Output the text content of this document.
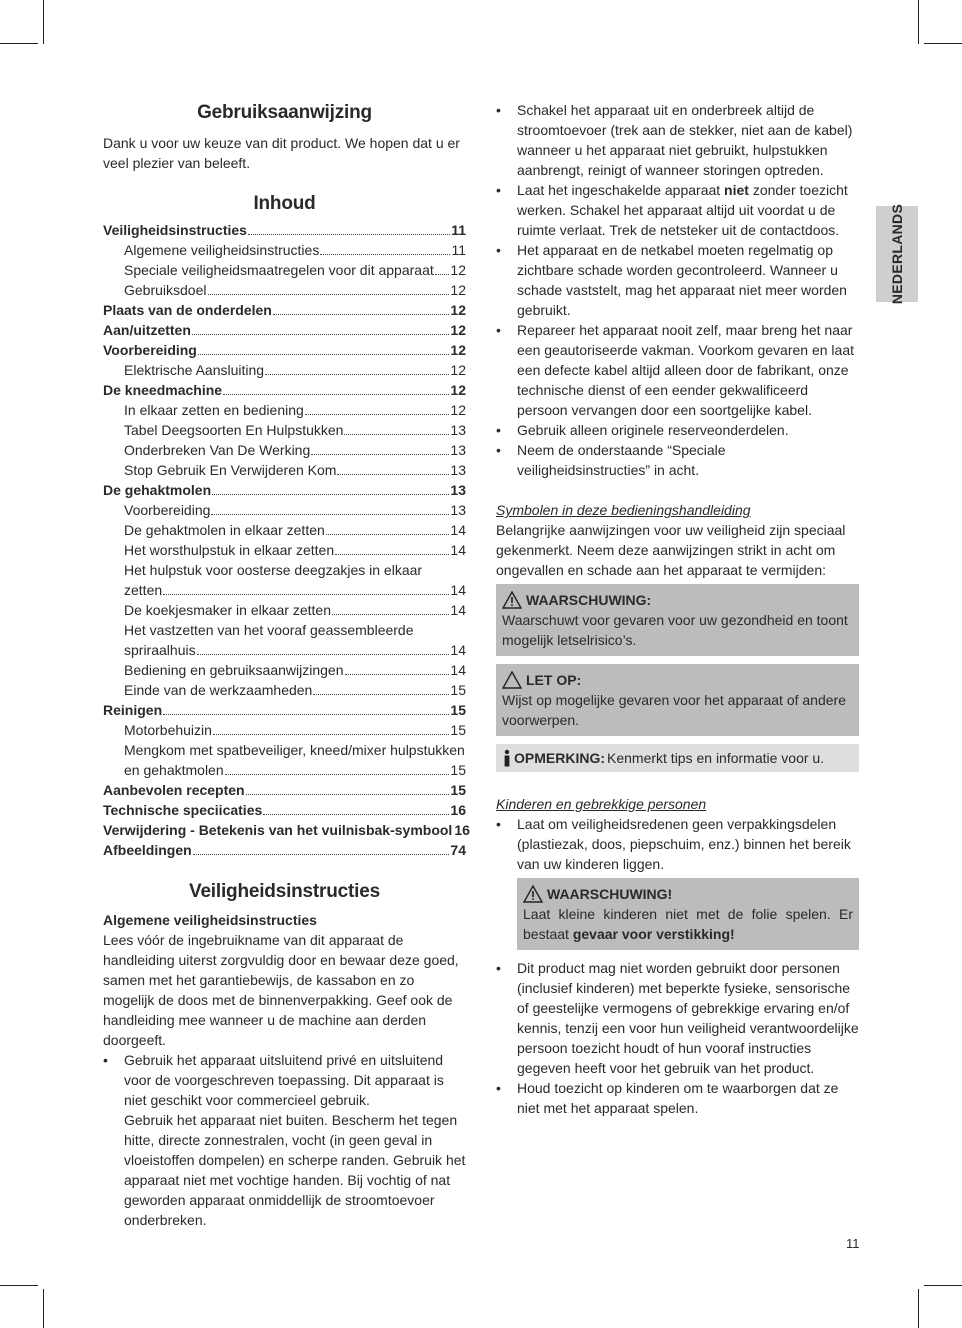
NEDERLANDS
Gebruiksaanwijzing

Dank u voor uw keuze van dit product. We hopen dat u er veel plezier van beleeft.

Inhoud
Veiligheidsinstructies	11
Algemene veiligheidsinstructies	11
Speciale veiligheidsmaatregelen voor dit apparaat 12
Gebruiksdoel	12
Plaats van de onderdelen	12
Aan/uitzetten	12
Voorbereiding	12
Elektrische Aansluiting	12
De kneedmachine	12
In elkaar zetten en bediening	12
Tabel Deegsoorten En Hulpstukken	13
Onderbreken Van De Werking	13
Stop Gebruik En Verwijderen Kom	13
De gehaktmolen	13
Voorbereiding	13
De gehaktmolen in elkaar zetten	14
Het worsthulpstuk in elkaar zetten	14
Het hulpstuk voor oosterse deegzakjes in elkaar
zetten	14
De koekjesmaker in elkaar zetten	14
Het vastzetten van het vooraf geassembleerde
spriraalhuis	14
Bediening en gebruiksaanwijzingen	14
Einde van de werkzaamheden	15
Reinigen	15
Motorbehuizin	15
Mengkom met spatbeveiliger, kneed/mixer hulpstukken
en gehaktmolen	15
Aanbevolen recepten	15
Technische speciicaties	16
Verwijdering - Betekenis van het vuilnisbak-symbool 16
Afbeeldingen	74
Veiligheidsinstructies
Algemene veiligheidsinstructies

Lees vóór de ingebruikname van dit apparaat de handleiding uiterst zorgvuldig door en bewaar deze goed, samen met het garantiebewijs, de kassabon en zo mogelijk de doos met de binnenverpakking. Geef ook de handleiding mee wanneer u de machine aan derden doorgeeft.

• Gebruik het apparaat uitsluitend privé en uitsluitend voor de voorgeschreven toepassing. Dit apparaat is niet geschikt voor commercieel gebruik.
Gebruik het apparaat niet buiten. Bescherm het tegen hitte, directe zonnestralen, vocht (in geen geval in vloeistoffen dompelen) en scherpe randen. Gebruik het apparaat niet met vochtige handen. Bij vochtig of nat geworden apparaat onmiddellijk de stroomtoevoer onderbreken.
• Schakel het apparaat uit en onderbreek altijd de stroomtoevoer (trek aan de stekker, niet aan de kabel) wanneer u het apparaat niet gebruikt, hulpstukken aanbrengt, reinigt of wanneer storingen optreden.
• Laat het ingeschakelde apparaat niet zonder toezicht werken. Schakel het apparaat altijd uit voordat u de ruimte verlaat. Trek de netsteker uit de contactdoos.
• Het apparaat en de netkabel moeten regelmatig op zichtbare schade worden gecontroleerd. Wanneer u schade vaststelt, mag het apparaat niet meer worden gebruikt.
• Repareer het apparaat nooit zelf, maar breng het naar een geautoriseerde vakman. Voorkom gevaren en laat een defecte kabel altijd alleen door de fabrikant, onze technische dienst of een eender gekwalificeerd persoon vervangen door een soortgelijke kabel.
• Gebruik alleen originele reserveonderdelen.
• Neem de onderstaande “Speciale veiligheidsinstructies” in acht.
Symbolen in deze bedieningshandleiding

Belangrijke aanwijzingen voor uw veiligheid zijn speciaal gekenmerkt. Neem deze aanwijzingen strikt in acht om ongevallen en schade aan het apparaat te vermijden:

WAARSCHUWING:
Waarschuwt voor gevaren voor uw gezondheid en toont mogelijk letselrisico’s.
LET OP:
Wijst op mogelijke gevaren voor het apparaat of andere voorwerpen.
OPMERKING: Kenmerkt tips en informatie voor u.
Kinderen en gebrekkige personen
• Laat om veiligheidsredenen geen verpakkingsdelen (plastiezak, doos, piepschuim, enz.) binnen het bereik van uw kinderen liggen.
WAARSCHUWING!
Laat kleine kinderen niet met de folie spelen. Er bestaat gevaar voor verstikking!
• Dit product mag niet worden gebruikt door personen (inclusief kinderen) met beperkte fysieke, sensorische of geestelijke vermogens of gebrekkige ervaring en/of kennis, tenzij een voor hun veiligheid verantwoordelijke persoon toezicht houdt of hun vooraf instructies gegeven heeft voor het gebruik van het product.
• Houd toezicht op kinderen om te waarborgen dat ze niet met het apparaat spelen.
11
